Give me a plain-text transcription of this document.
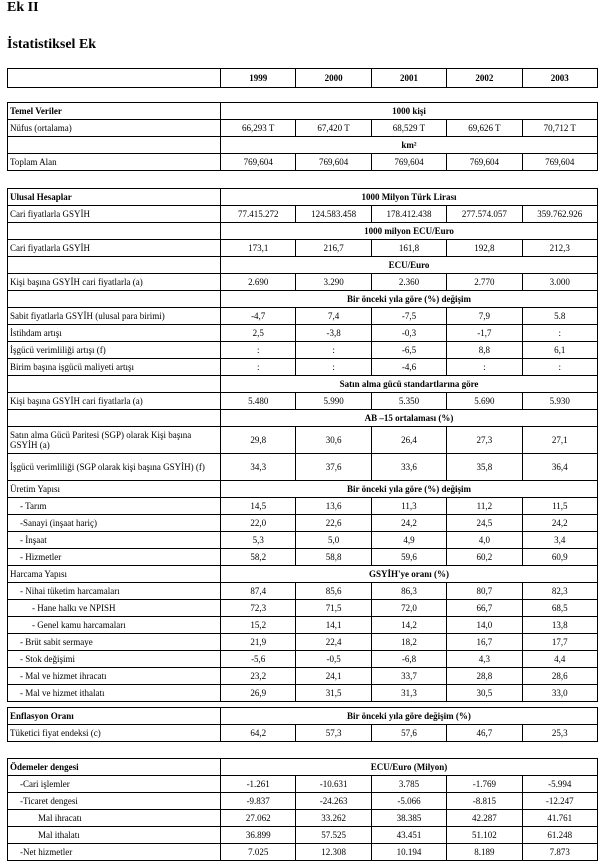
Ek II
İstatistiksel Ek
	1999	2000	2001	2002	2003
Temel Veriler	1000 kişi				
Nüfus (ortalama)	66,293 T	67,420 T	68,529 T	69,626 T	70,712 T
	km²				
Toplam Alan	769,604	769,604	769,604	769,604	769,604
Ulusal Hesaplar	1000 Milyon Türk Lirası				
Cari fiyatlarla GSYİH	77.415.272	124.583.458	178.412.438	277.574.057	359.762.926
	1000 milyon ECU/Euro				
Cari fiyatlarla GSYİH	173,1	216,7	161,8	192,8	212,3
	ECU/Euro				
Kişi başına GSYİH cari fiyatlarla (a)	2.690	3.290	2.360	2.770	3.000
	Bir önceki yıla göre (%) değişim				
Sabit fiyatlarla GSYİH (ulusal para birimi)	-4,7	7,4	-7,5	7,9	5.8
İstihdam artışı	2,5	-3,8	-0,3	-1,7	:
İşgücü verimliliği artışı (f)	:	:	-6,5	8,8	6,1
Birim başına işgücü maliyeti artışı	:	:	-4,6	:	:
	Satın alma gücü standartlarına göre				
Kişi başına GSYİH cari fiyatlarla (a)	5.480	5.990	5.350	5.690	5.930
	AB –15 ortalaması (%)				
Satın alma Gücü Paritesi (SGP) olarak Kişi başına GSYİH (a)	29,8	30,6	26,4	27,3	27,1
İşgücü verimliliği (SGP olarak kişi başına GSYİH) (f)	34,3	37,6	33,6	35,8	36,4
Üretim Yapısı	Bir önceki yıla göre (%) değişim				
- Tarım	14,5	13,6	11,3	11,2	11,5
-Sanayi (inşaat hariç)	22,0	22,6	24,2	24,5	24,2
- İnşaat	5,3	5,0	4,9	4,0	3,4
- Hizmetler	58,2	58,8	59,6	60,2	60,9
Harcama Yapısı	GSYİH'ye oranı (%)				
- Nihai tüketim harcamaları	87,4	85,6	86,3	80,7	82,3
- Hane halkı ve NPISH	72,3	71,5	72,0	66,7	68,5
- Genel kamu harcamaları	15,2	14,1	14,2	14,0	13,8
- Brüt sabit sermaye	21,9	22,4	18,2	16,7	17,7
- Stok değişimi	-5,6	-0,5	-6,8	4,3	4,4
- Mal ve hizmet ihracatı	23,2	24,1	33,7	28,8	28,6
- Mal ve hizmet ithalatı	26,9	31,5	31,3	30,5	33,0
Enflasyon Oranı	Bir önceki yıla göre değişim (%)				
Tüketici fiyat endeksi (c)	64,2	57,3	57,6	46,7	25,3
Ödemeler dengesi	ECU/Euro (Milyon)				
-Cari işlemler	-1.261	-10.631	3.785	-1.769	-5.994
-Ticaret dengesi	-9.837	-24.263	-5.066	-8.815	-12.247
Mal ihracatı	27.062	33.262	38.385	42.287	41.761
Mal ithalatı	36.899	57.525	43.451	51.102	61.248
-Net hizmetler	7.025	12.308	10.194	8.189	7.873
